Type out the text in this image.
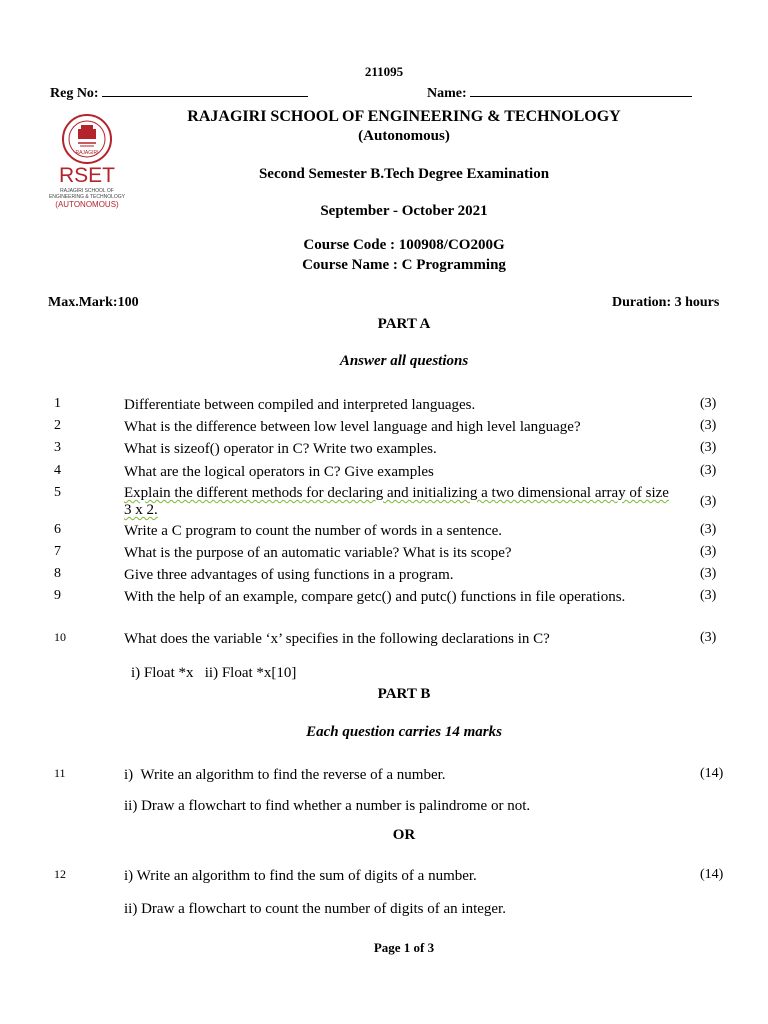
211095
Reg No:	Name:
RAJAGIRI
RSET
RAJAGIRI SCHOOL OF
ENGINEERING & TECHNOLOGY
(AUTONOMOUS)
RAJAGIRI SCHOOL OF ENGINEERING & TECHNOLOGY
(Autonomous)
Second Semester B.Tech Degree Examination
September - October 2021
Course Code : 100908/CO200G
Course Name : C Programming
Max.Mark:100	Duration: 3 hours
PART A
Answer all questions
1	Differentiate between compiled and interpreted languages.	(3)
2	What is the difference between low level language and high level language?	(3)
3	What is sizeof() operator in C? Write two examples.	(3)
4	What are the logical operators in C? Give examples	(3)
5	Explain the different methods for declaring and initializing a two dimensional array of size 3 x 2.
(3)
6	Write a C program to count the number of words in a sentence.	(3)
7	What is the purpose of an automatic variable? What is its scope?	(3)
8	Give three advantages of using functions in a program.	(3)
9	With the help of an example, compare getc() and putc() functions in file operations.	(3)
10	What does the variable ‘x’ specifies in the following declarations in C?	(3)
i) Float *x   ii) Float *x[10]
PART B
Each question carries 14 marks
11	i)  Write an algorithm to find the reverse of a number.	(14)
ii) Draw a flowchart to find whether a number is palindrome or not.
OR
12	i) Write an algorithm to find the sum of digits of a number.	(14)
ii) Draw a flowchart to count the number of digits of an integer.
Page 1 of 3
